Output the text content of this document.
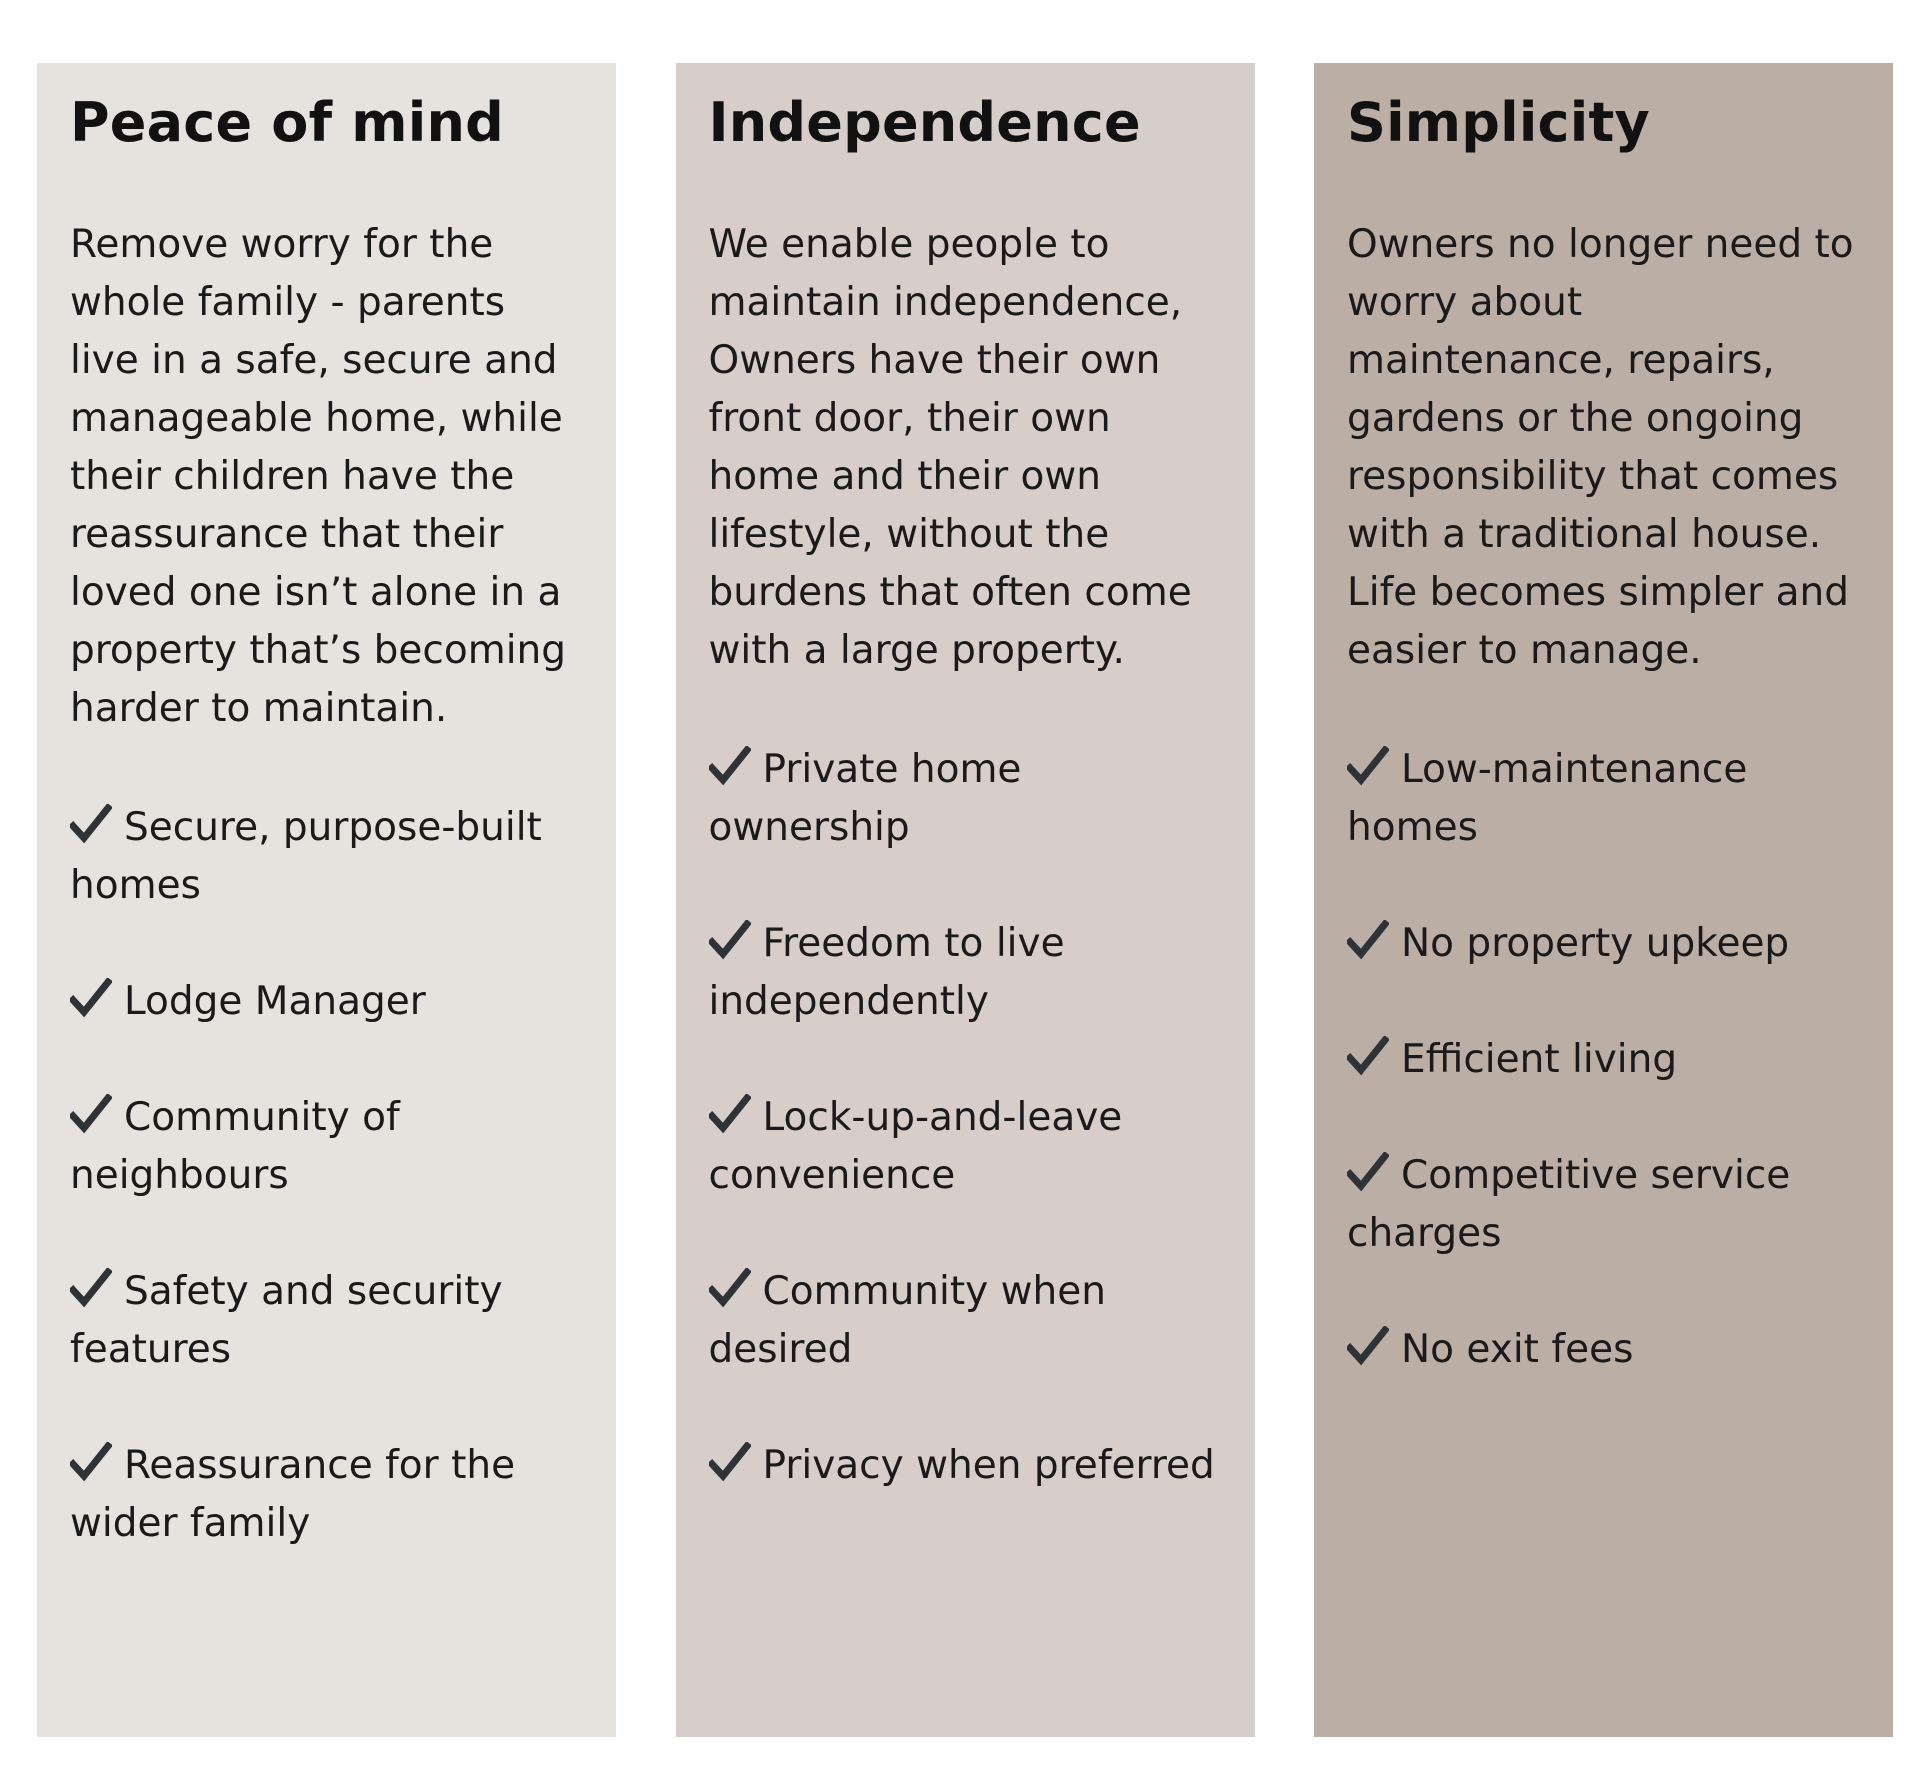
Peace of mind

Remove worry for the whole family - parents live in a safe, secure and manageable home, while their children have the reassurance that their loved one isn’t alone in a property that’s becoming harder to maintain.

Secure, purpose-built homes
Lodge Manager
Community of neighbours
Safety and security features
Reassurance for the wider family
Independence

We enable people to maintain independence, Owners have their own front door, their own home and their own lifestyle, without the burdens that often come with a large property.

Private home ownership
Freedom to live independently
Lock-up-and-leave convenience
Community when desired
Privacy when preferred
Simplicity

Owners no longer need to worry about maintenance, repairs, gardens or the ongoing responsibility that comes with a traditional house. Life becomes simpler and easier to manage.

Low-maintenance homes
No property upkeep
Efficient living
Competitive service charges
No exit fees
